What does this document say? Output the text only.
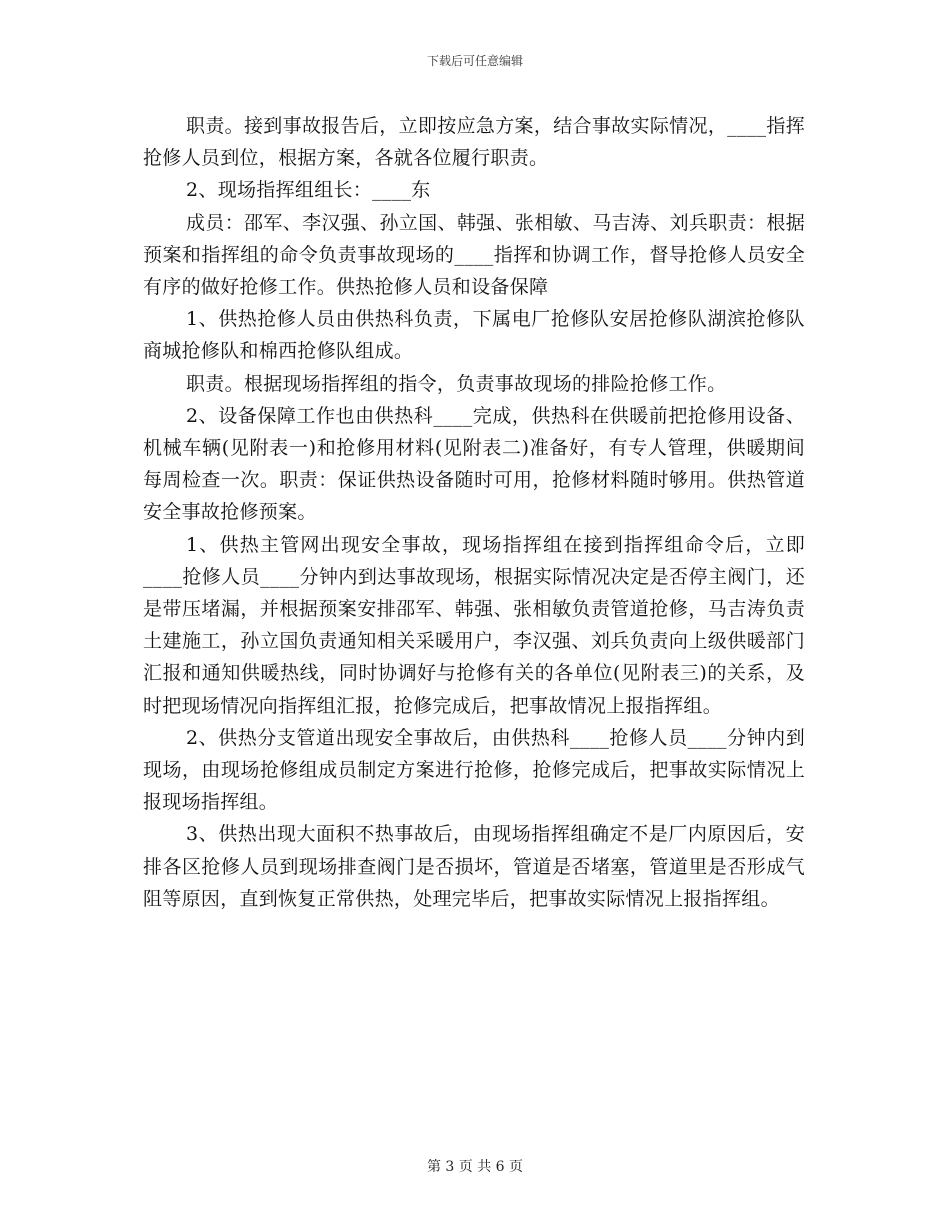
下载后可任意编辑

职责。接到事故报告后，立即按应急方案，结合事故实际情况，____指挥抢修人员到位，根据方案，各就各位履行职责。

2、现场指挥组组长：____东

成员：邵军、李汉强、孙立国、韩强、张相敏、马吉涛、刘兵职责：根据预案和指挥组的命令负责事故现场的____指挥和协调工作，督导抢修人员安全有序的做好抢修工作。供热抢修人员和设备保障

1、供热抢修人员由供热科负责，下属电厂抢修队安居抢修队湖滨抢修队商城抢修队和棉西抢修队组成。

职责。根据现场指挥组的指令，负责事故现场的排险抢修工作。

2、设备保障工作也由供热科____完成，供热科在供暖前把抢修用设备、机械车辆(见附表一)和抢修用材料(见附表二)准备好，有专人管理，供暖期间每周检查一次。职责：保证供热设备随时可用，抢修材料随时够用。供热管道安全事故抢修预案。

1、供热主管网出现安全事故，现场指挥组在接到指挥组命令后，立即____抢修人员____分钟内到达事故现场，根据实际情况决定是否停主阀门，还是带压堵漏，并根据预案安排邵军、韩强、张相敏负责管道抢修，马吉涛负责土建施工，孙立国负责通知相关采暖用户，李汉强、刘兵负责向上级供暖部门汇报和通知供暖热线，同时协调好与抢修有关的各单位(见附表三)的关系，及时把现场情况向指挥组汇报，抢修完成后，把事故情况上报指挥组。

2、供热分支管道出现安全事故后，由供热科____抢修人员____分钟内到现场，由现场抢修组成员制定方案进行抢修，抢修完成后，把事故实际情况上报现场指挥组。

3、供热出现大面积不热事故后，由现场指挥组确定不是厂内原因后，安排各区抢修人员到现场排查阀门是否损坏，管道是否堵塞，管道里是否形成气阻等原因，直到恢复正常供热，处理完毕后，把事故实际情况上报指挥组。

第 3 页 共 6 页
